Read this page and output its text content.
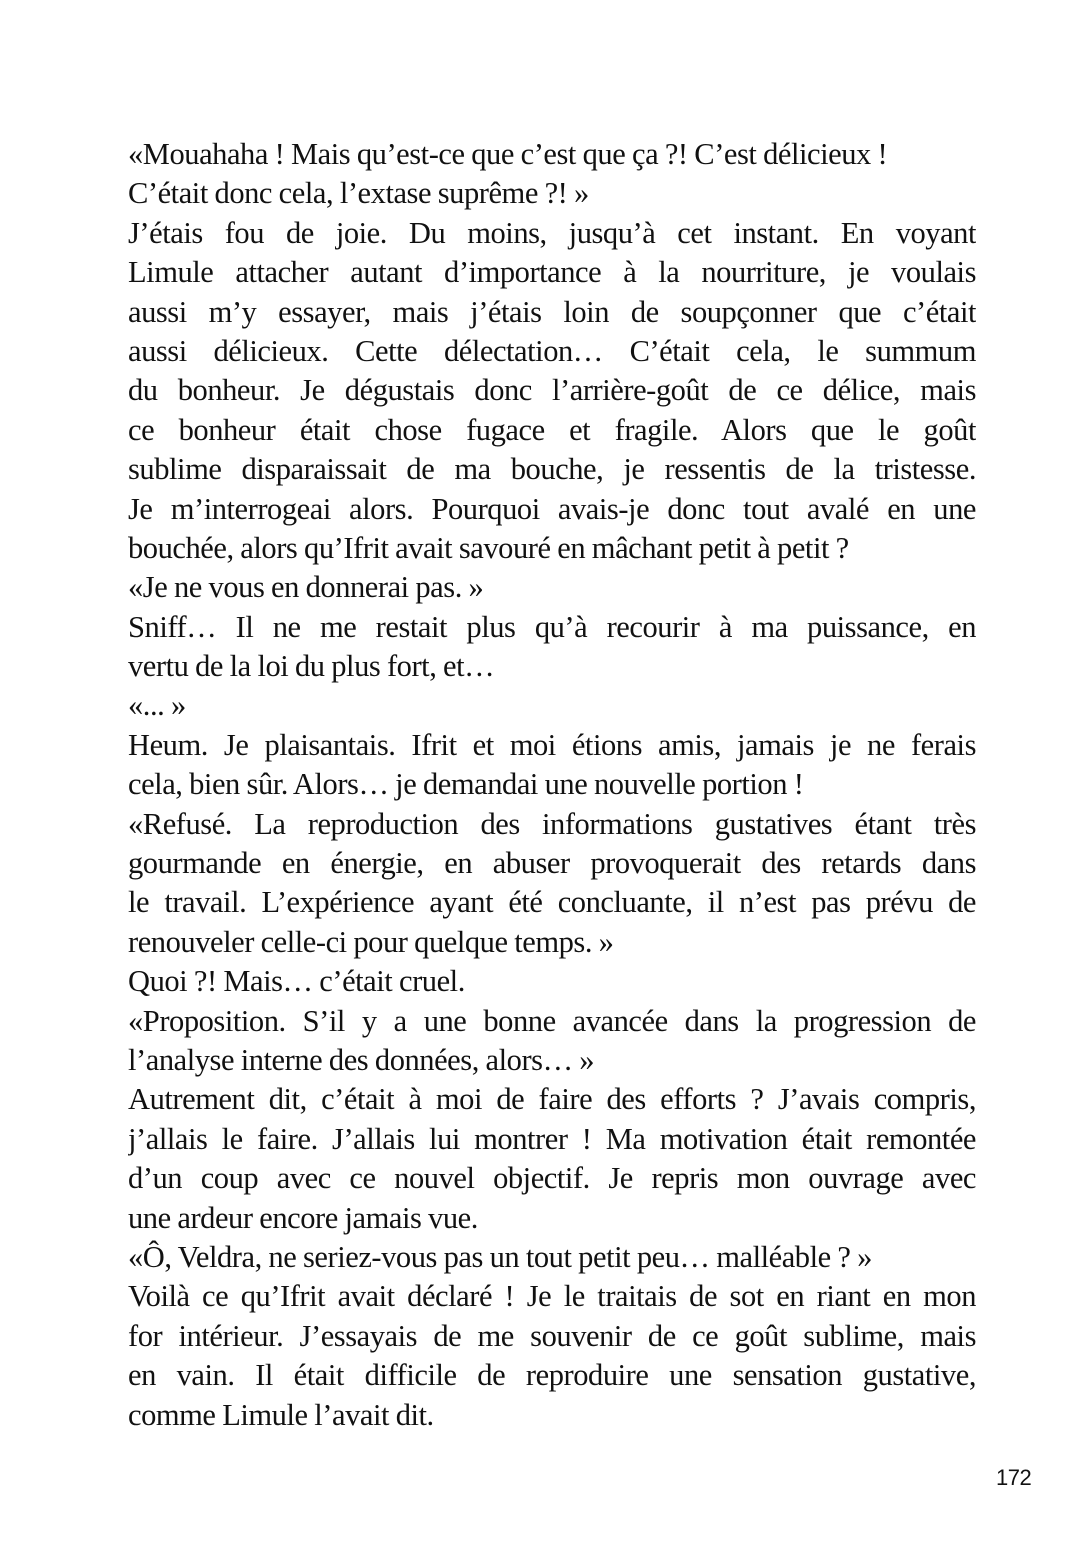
«Mouahaha ! Mais qu’est-ce que c’est que ça ?! C’est délicieux !
C’était donc cela, l’extase suprême ?! »
J’étais fou de joie. Du moins, jusqu’à cet instant. En voyant
Limule attacher autant d’importance à la nourriture, je voulais
aussi m’y essayer, mais j’étais loin de soupçonner que c’était
aussi délicieux. Cette délectation… C’était cela, le summum
du bonheur. Je dégustais donc l’arrière-goût de ce délice, mais
ce bonheur était chose fugace et fragile. Alors que le goût
sublime disparaissait de ma bouche, je ressentis de la tristesse.
Je m’interrogeai alors. Pourquoi avais-je donc tout avalé en une
bouchée, alors qu’Ifrit avait savouré en mâchant petit à petit ?
«Je ne vous en donnerai pas. »
Sniff… Il ne me restait plus qu’à recourir à ma puissance, en
vertu de la loi du plus fort, et…
«... »
Heum. Je plaisantais. Ifrit et moi étions amis, jamais je ne ferais
cela, bien sûr. Alors… je demandai une nouvelle portion !
«Refusé. La reproduction des informations gustatives étant très
gourmande en énergie, en abuser provoquerait des retards dans
le travail. L’expérience ayant été concluante, il n’est pas prévu de
renouveler celle-ci pour quelque temps. »
Quoi ?! Mais… c’était cruel.
«Proposition. S’il y a une bonne avancée dans la progression de
l’analyse interne des données, alors… »
Autrement dit, c’était à moi de faire des efforts ? J’avais compris,
j’allais le faire. J’allais lui montrer ! Ma motivation était remontée
d’un coup avec ce nouvel objectif. Je repris mon ouvrage avec
une ardeur encore jamais vue.
«Ô, Veldra, ne seriez-vous pas un tout petit peu… malléable ? »
Voilà ce qu’Ifrit avait déclaré ! Je le traitais de sot en riant en mon
for intérieur. J’essayais de me souvenir de ce goût sublime, mais
en vain. Il était difficile de reproduire une sensation gustative,
comme Limule l’avait dit.
172
